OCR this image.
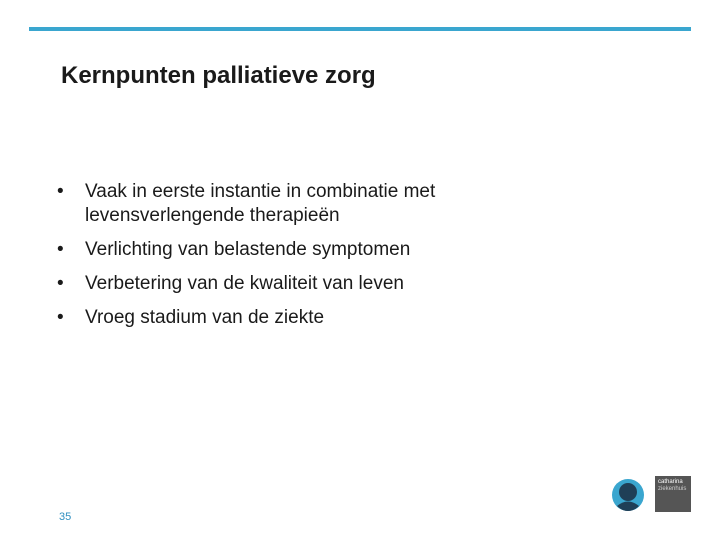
Kernpunten palliatieve zorg
•	Vaak in eerste instantie in combinatie met levensverlengende therapieën
•	Verlichting van belastende symptomen
•	Verbetering van de kwaliteit van leven
•	Vroeg stadium van de ziekte
35
catharina
ziekenhuis
